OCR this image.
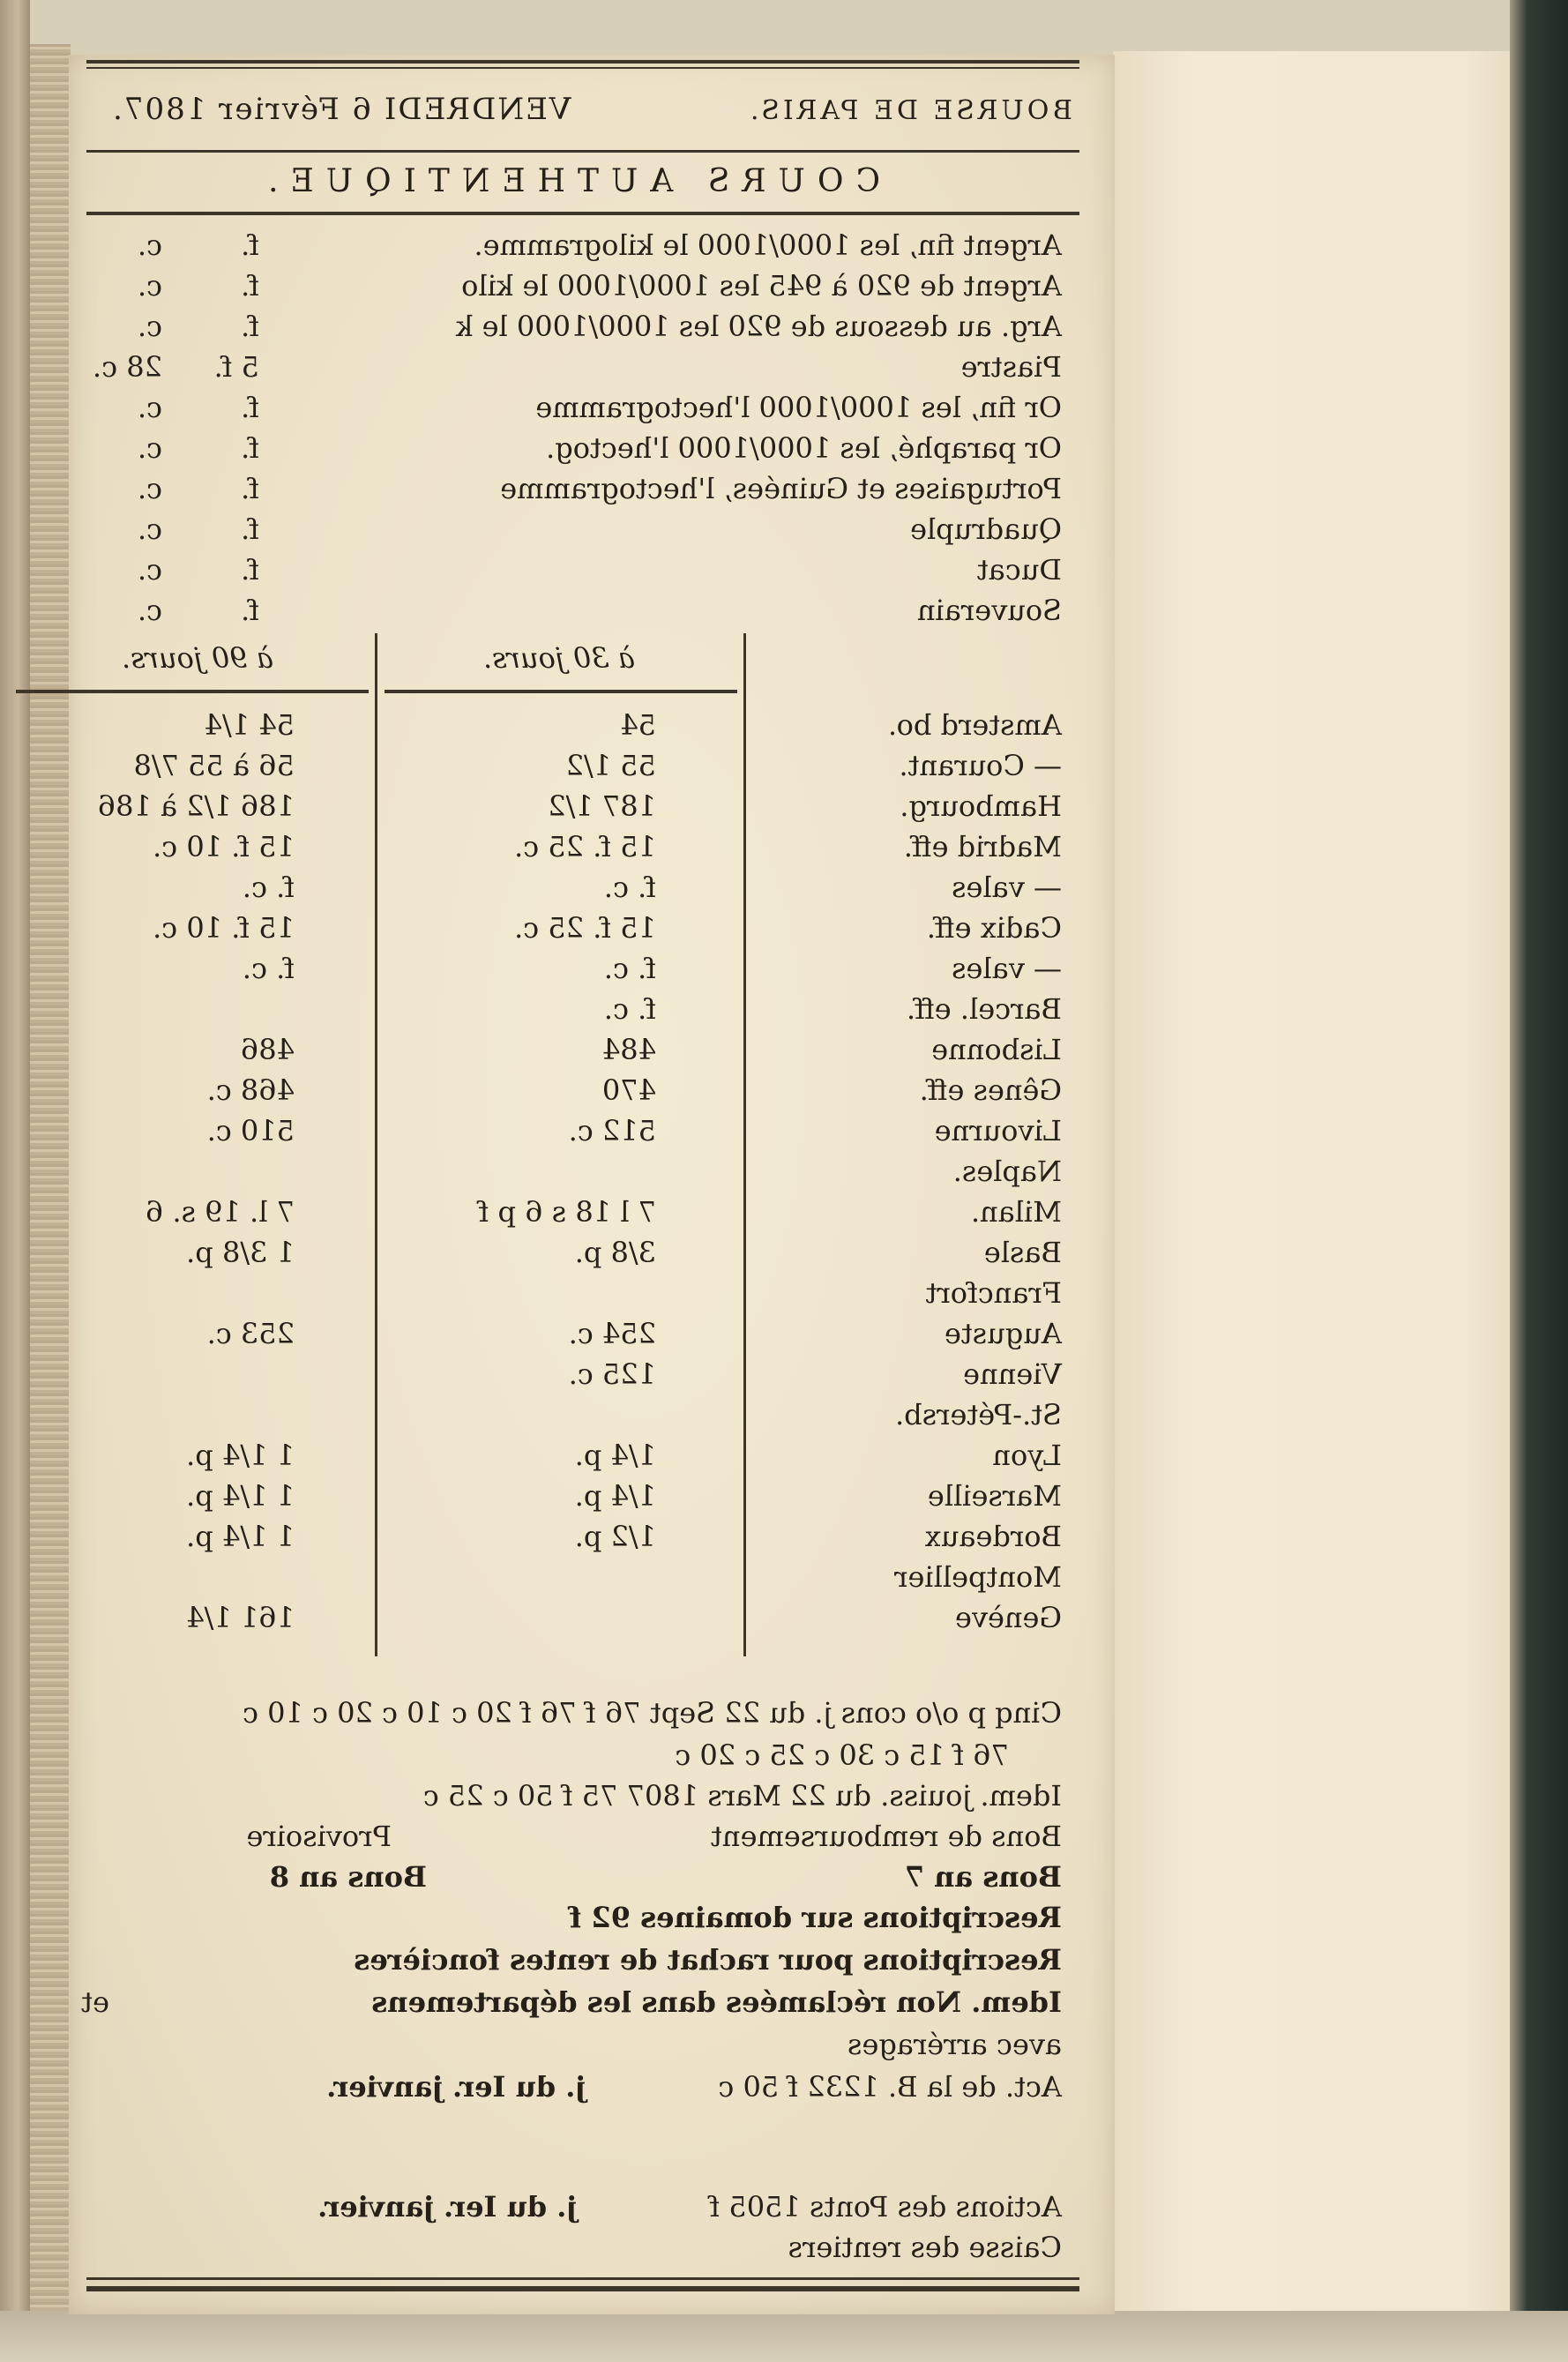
BOURSE DE PARIS.
VENDREDI 6 Février 1807.
COURS AUTHENTIQUE.
Argent fin, les 1000/1000 le kilogramme.
f.
c.
Argent de 920 à 945 les 1000/1000 le kilo
f.
c.
Arg. au dessous de 920 les 1000/1000 le k
f.
c.
Piastre
5 f.
28 c.
Or fin, les 1000/1000 l'hectogramme
f.
c.
Or paraphé, les 1000/1000 l'hectog.
f.
c.
Portugaises et Guinées, l'hectogramme
f.
c.
Quadruple
f.
c.
Ducat
f.
c.
Souverain
f.
c.
à 30 jours.
à 90 jours.
Amsterd bo.
54
54 1/4
— Courant.
55 1/2
56 à 55 7/8
Hambourg.
187 1/2
186 1/2 à 186
Madrid eff.
15 f. 25 c.
15 f. 10 c.
— vales
f. c.
f. c.
Cadix eff.
15 f. 25 c.
15 f. 10 c.
— vales
f. c.
f. c.
Barcel. eff.
f. c.
Lisbonne
484
486
Gênes eff.
470
468 c.
Livourne
512 c.
510 c.
Naples.
Milan.
7 l 18 s 6 p f
7 l. 19 s. 6
Basle
3/8 p.
1 3/8 p.
Francfort
Auguste
254 c.
253 c.
Vienne
125 c.
St.-Pétersb.
Lyon
1/4 p.
1 1/4 p.
Marseille
1/4 p.
1 1/4 p.
Bordeaux
1/2 p.
1 1/4 p.
Montpellier
Genève
161 1/4
Cinq p o/o cons j. du 22 Sept 76 f 76 f 20 c 10 c 20 c 10 c
76 f 15 c 30 c 25 c 20 c
Idem. jouiss. du 22 Mars 1807 75 f 50 c 25 c
Bons de remboursement
Bons an 7
Rescriptions sur domaines 92 f
Rescriptions pour rachat de rentes foncières
Idem. Non réclamées dans les départemens
avec arrérages
Act. de la B. 1232 f 50 c
Actions des Ponts 1505 f
Caisse des rentiers
Provisoire
Bons an 8
et
j. du Ier. janvier.
j. du Ier. janvier.
